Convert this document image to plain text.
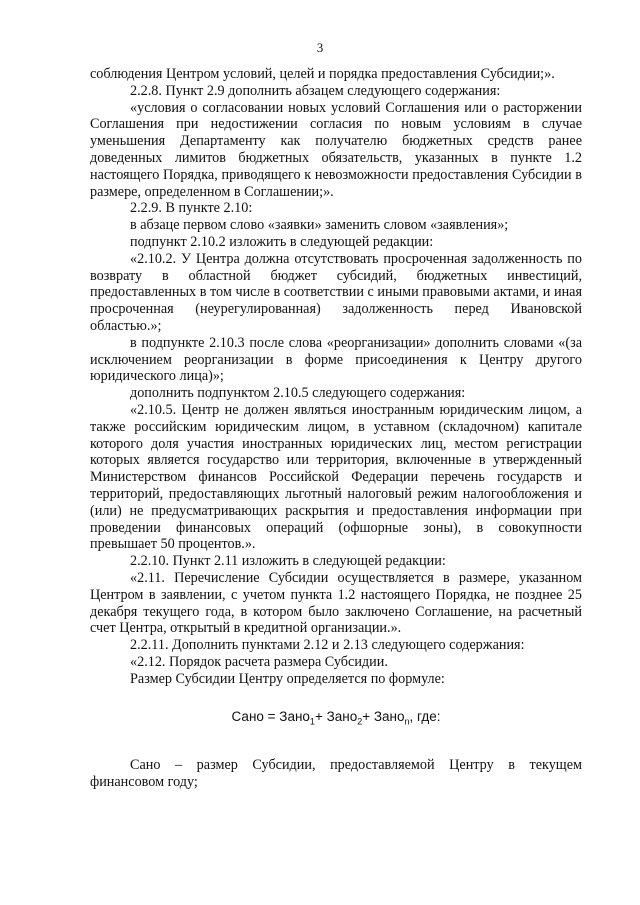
3

соблюдения Центром условий, целей и порядка предоставления Субсидии;».

2.2.8. Пункт 2.9 дополнить абзацем следующего содержания:

«условия о согласовании новых условий Соглашения или о расторжении Соглашения при недостижении согласия по новым условиям в случае уменьшения Департаменту как получателю бюджетных средств ранее доведенных лимитов бюджетных обязательств, указанных в пункте 1.2 настоящего Порядка, приводящего к невозможности предоставления Субсидии в размере, определенном в Соглашении;».

2.2.9. В пункте 2.10:

в абзаце первом слово «заявки» заменить словом «заявления»;

подпункт 2.10.2 изложить в следующей редакции:

«2.10.2. У Центра должна отсутствовать просроченная задолженность по возврату в областной бюджет субсидий, бюджетных инвестиций, предоставленных в том числе в соответствии с иными правовыми актами, и иная просроченная (неурегулированная) задолженность перед Ивановской областью.»;

в подпункте 2.10.3 после слова «реорганизации» дополнить словами «(за исключением реорганизации в форме присоединения к Центру другого юридического лица)»;

дополнить подпунктом 2.10.5 следующего содержания:

«2.10.5. Центр не должен являться иностранным юридическим лицом, а также российским юридическим лицом, в уставном (складочном) капитале которого доля участия иностранных юридических лиц, местом регистрации которых является государство или территория, включенные в утвержденный Министерством финансов Российской Федерации перечень государств и территорий, предоставляющих льготный налоговый режим налогообложения и (или) не предусматривающих раскрытия и предоставления информации при проведении финансовых операций (офшорные зоны), в совокупности превышает 50 процентов.».

2.2.10. Пункт 2.11 изложить в следующей редакции:

«2.11. Перечисление Субсидии осуществляется в размере, указанном Центром в заявлении, с учетом пункта 1.2 настоящего Порядка, не позднее 25 декабря текущего года, в котором было заключено Соглашение, на расчетный счет Центра, открытый в кредитной организации.».

2.2.11. Дополнить пунктами 2.12 и 2.13 следующего содержания:

«2.12. Порядок расчета размера Субсидии.

Размер Субсидии Центру определяется по формуле:

Сано = Зано$_1$+ Зано$_2$+ Зано$_n$, где:

Сано – размер Субсидии, предоставляемой Центру в текущем финансовом году;
